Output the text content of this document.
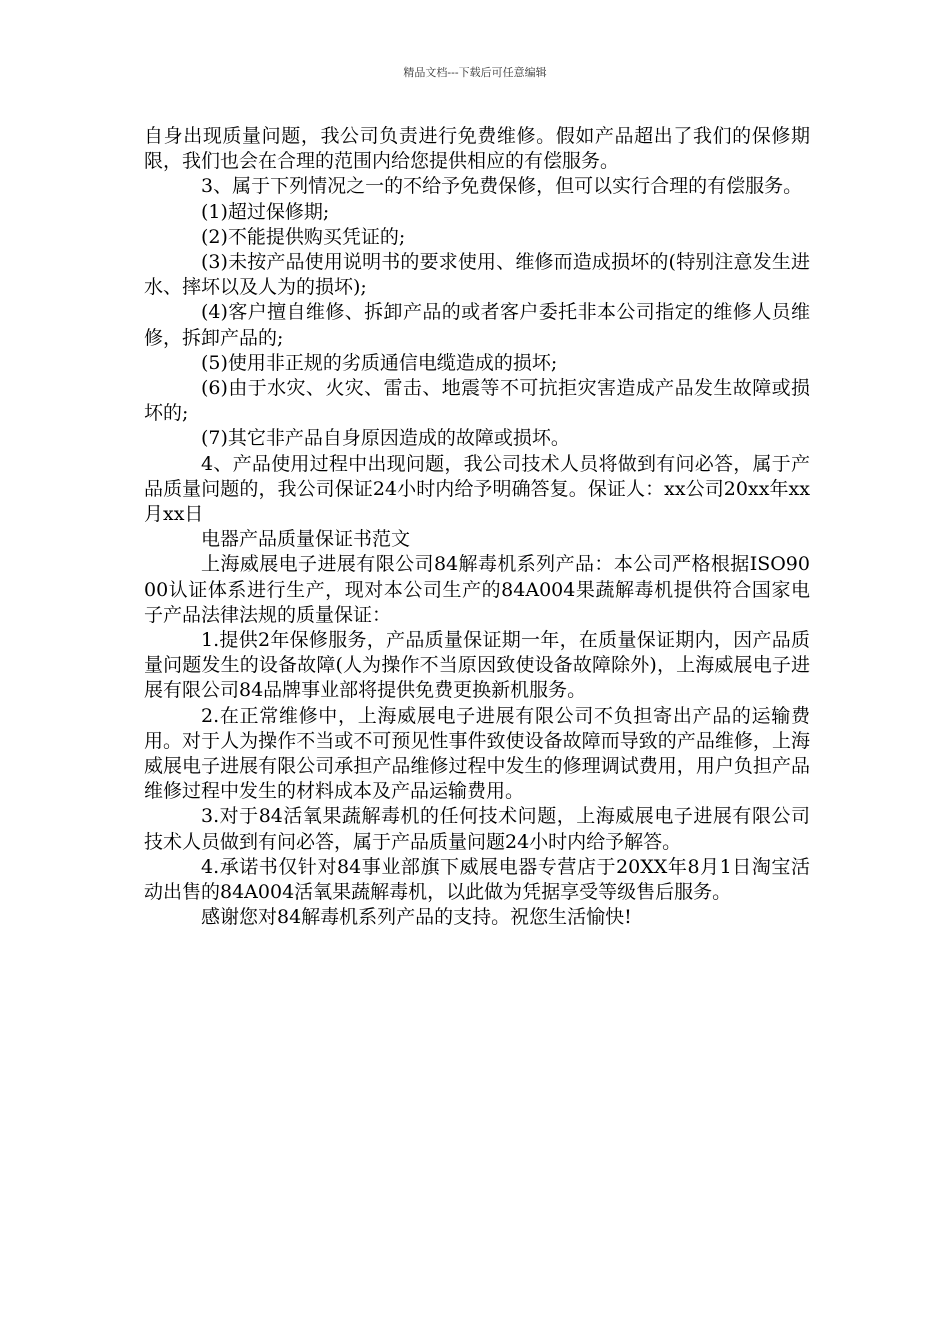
精品文档---下载后可任意编辑

自身出现质量问题，我公司负责进行免费维修。假如产品超出了我们的保修期限，我们也会在合理的范围内给您提供相应的有偿服务。

3、属于下列情况之一的不给予免费保修，但可以实行合理的有偿服务。

(1)超过保修期;

(2)不能提供购买凭证的;

(3)未按产品使用说明书的要求使用、维修而造成损坏的(特别注意发生进水、摔坏以及人为的损坏);

(4)客户擅自维修、拆卸产品的或者客户委托非本公司指定的维修人员维修，拆卸产品的;

(5)使用非正规的劣质通信电缆造成的损坏;

(6)由于水灾、火灾、雷击、地震等不可抗拒灾害造成产品发生故障或损坏的;

(7)其它非产品自身原因造成的故障或损坏。

4、产品使用过程中出现问题，我公司技术人员将做到有问必答，属于产品质量问题的，我公司保证24小时内给予明确答复。保证人：xx公司20xx年xx月xx日

电器产品质量保证书范文

上海威展电子进展有限公司84解毒机系列产品：本公司严格根据ISO9000认证体系进行生产，现对本公司生产的84A004果蔬解毒机提供符合国家电子产品法律法规的质量保证：

1.提供2年保修服务，产品质量保证期一年，在质量保证期内，因产品质量问题发生的设备故障(人为操作不当原因致使设备故障除外)，上海威展电子进展有限公司84品牌事业部将提供免费更换新机服务。

2.在正常维修中，上海威展电子进展有限公司不负担寄出产品的运输费用。对于人为操作不当或不可预见性事件致使设备故障而导致的产品维修，上海威展电子进展有限公司承担产品维修过程中发生的修理调试费用，用户负担产品维修过程中发生的材料成本及产品运输费用。

3.对于84活氧果蔬解毒机的任何技术问题，上海威展电子进展有限公司技术人员做到有问必答，属于产品质量问题24小时内给予解答。

4.承诺书仅针对84事业部旗下威展电器专营店于20XX年8月1日淘宝活动出售的84A004活氧果蔬解毒机，以此做为凭据享受等级售后服务。

感谢您对84解毒机系列产品的支持。祝您生活愉快!
